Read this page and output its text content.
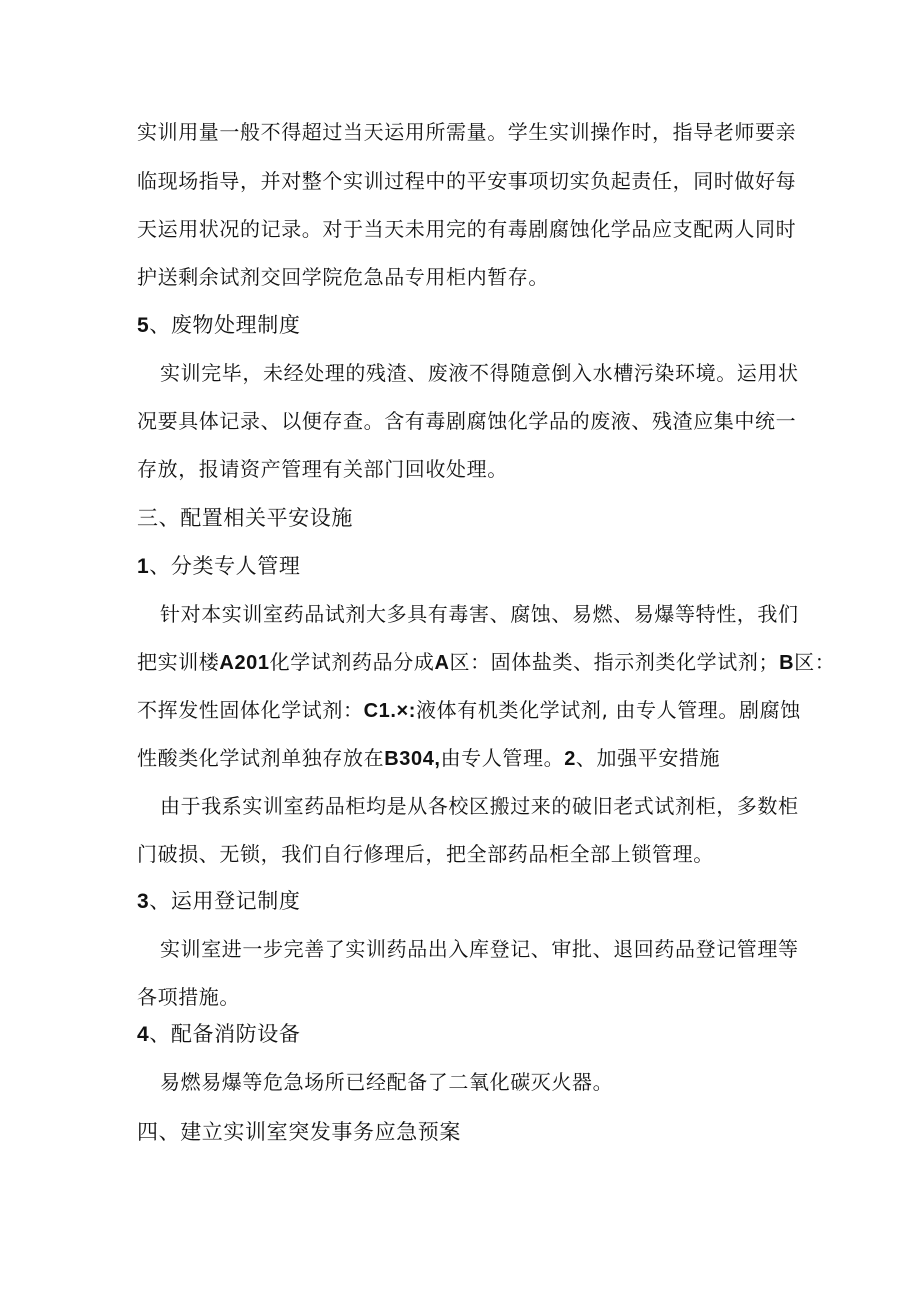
实训用量一般不得超过当天运用所需量。学生实训操作时，指导老师要亲
临现场指导，并对整个实训过程中的平安事项切实负起责任，同时做好每
天运用状况的记录。对于当天未用完的有毒剧腐蚀化学品应支配两人同时
护送剩余试剂交回学院危急品专用柜内暂存。
5、废物处理制度
实训完毕，未经处理的残渣、废液不得随意倒入水槽污染环境。运用状
况要具体记录、以便存查。含有毒剧腐蚀化学品的废液、残渣应集中统一
存放，报请资产管理有关部门回收处理。
三、配置相关平安设施
1、分类专人管理
针对本实训室药品试剂大多具有毒害、腐蚀、易燃、易爆等特性，我们
把实训楼A201化学试剂药品分成A区：固体盐类、指示剂类化学试剂；B区：
不挥发性固体化学试剂：C1.×:液体有机类化学试剂, 由专人管理。剧腐蚀
性酸类化学试剂单独存放在B304,由专人管理。2、加强平安措施
由于我系实训室药品柜均是从各校区搬过来的破旧老式试剂柜，多数柜
门破损、无锁，我们自行修理后，把全部药品柜全部上锁管理。
3、运用登记制度
实训室进一步完善了实训药品出入库登记、审批、退回药品登记管理等
各项措施。
4、配备消防设备
易燃易爆等危急场所已经配备了二氧化碳灭火器。
四、建立实训室突发事务应急预案
